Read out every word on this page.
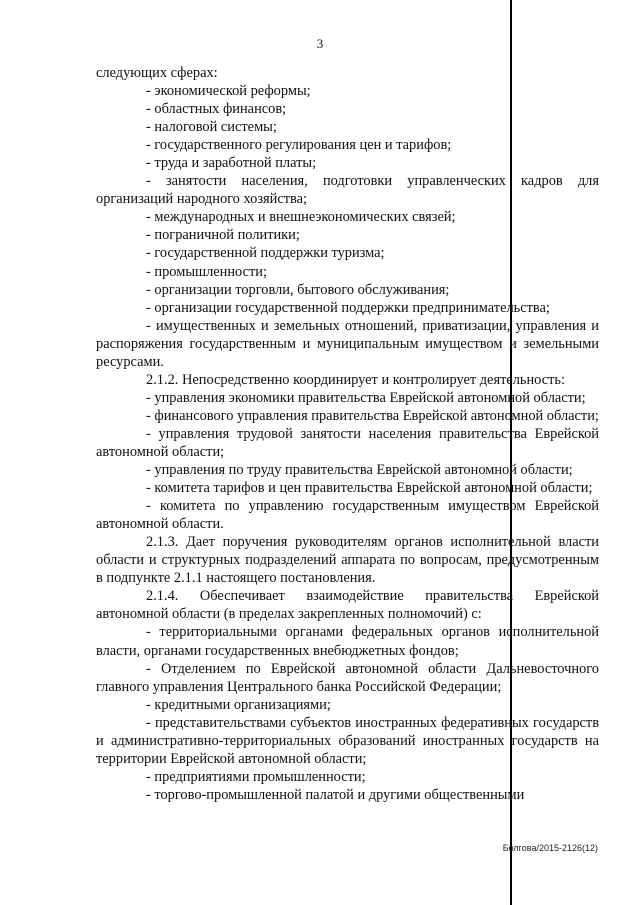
3

следующих сферах:

- экономической реформы;

- областных финансов;

- налоговой системы;

- государственного регулирования цен и тарифов;

- труда и заработной платы;

- занятости населения, подготовки управленческих кадров для организаций народного хозяйства;

- международных и внешнеэкономических связей;

- пограничной политики;

- государственной поддержки туризма;

- промышленности;

- организации торговли, бытового обслуживания;

- организации государственной поддержки предпринимательства;

- имущественных и земельных отношений, приватизации, управления и распоряжения государственным и муниципальным имуществом и земельными ресурсами.

2.1.2. Непосредственно координирует и контролирует деятельность:

- управления экономики правительства Еврейской автономной области;

- финансового управления правительства Еврейской автономной области;

- управления трудовой занятости населения правительства Еврейской автономной области;

- управления по труду правительства Еврейской автономной области;

- комитета тарифов и цен правительства Еврейской автономной области;

- комитета по управлению государственным имуществом Еврейской автономной области.

2.1.3. Дает поручения руководителям органов исполнительной власти области и структурных подразделений аппарата по вопросам, предусмотренным в подпункте 2.1.1 настоящего постановления.

2.1.4. Обеспечивает взаимодействие правительства Еврейской автономной области (в пределах закрепленных полномочий) с:

- территориальными органами федеральных органов исполнительной власти, органами государственных внебюджетных фондов;

- Отделением по Еврейской автономной области Дальневосточного главного управления Центрального банка Российской Федерации;

- кредитными организациями;

- представительствами субъектов иностранных федеративных государств и административно-территориальных образований иностранных государств на территории Еврейской автономной области;

- предприятиями промышленности;

- торгово-промышленной палатой и другими общественными

Болгова/2015-2126(12)
